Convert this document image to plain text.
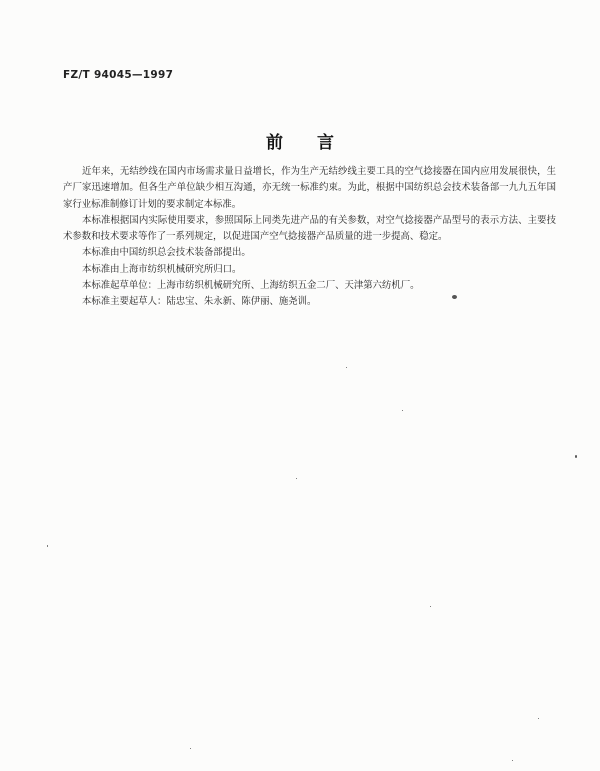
FZ/T 94045—1997
前言

近年来，无结纱线在国内市场需求量日益增长，作为生产无结纱线主要工具的空气捻接器在国内应用发展很快，生产厂家迅速增加。但各生产单位缺少相互沟通，亦无统一标准约束。为此，根据中国纺织总会技术装备部一九九五年国家行业标准制修订计划的要求制定本标准。

本标准根据国内实际使用要求，参照国际上同类先进产品的有关参数，对空气捻接器产品型号的表示方法、主要技术参数和技术要求等作了一系列规定，以促进国产空气捻接器产品质量的进一步提高、稳定。

本标准由中国纺织总会技术装备部提出。

本标准由上海市纺织机械研究所归口。

本标准起草单位：上海市纺织机械研究所、上海纺织五金二厂、天津第六纺机厂。

本标准主要起草人：陆忠宝、朱永新、陈伊丽、施尧训。
